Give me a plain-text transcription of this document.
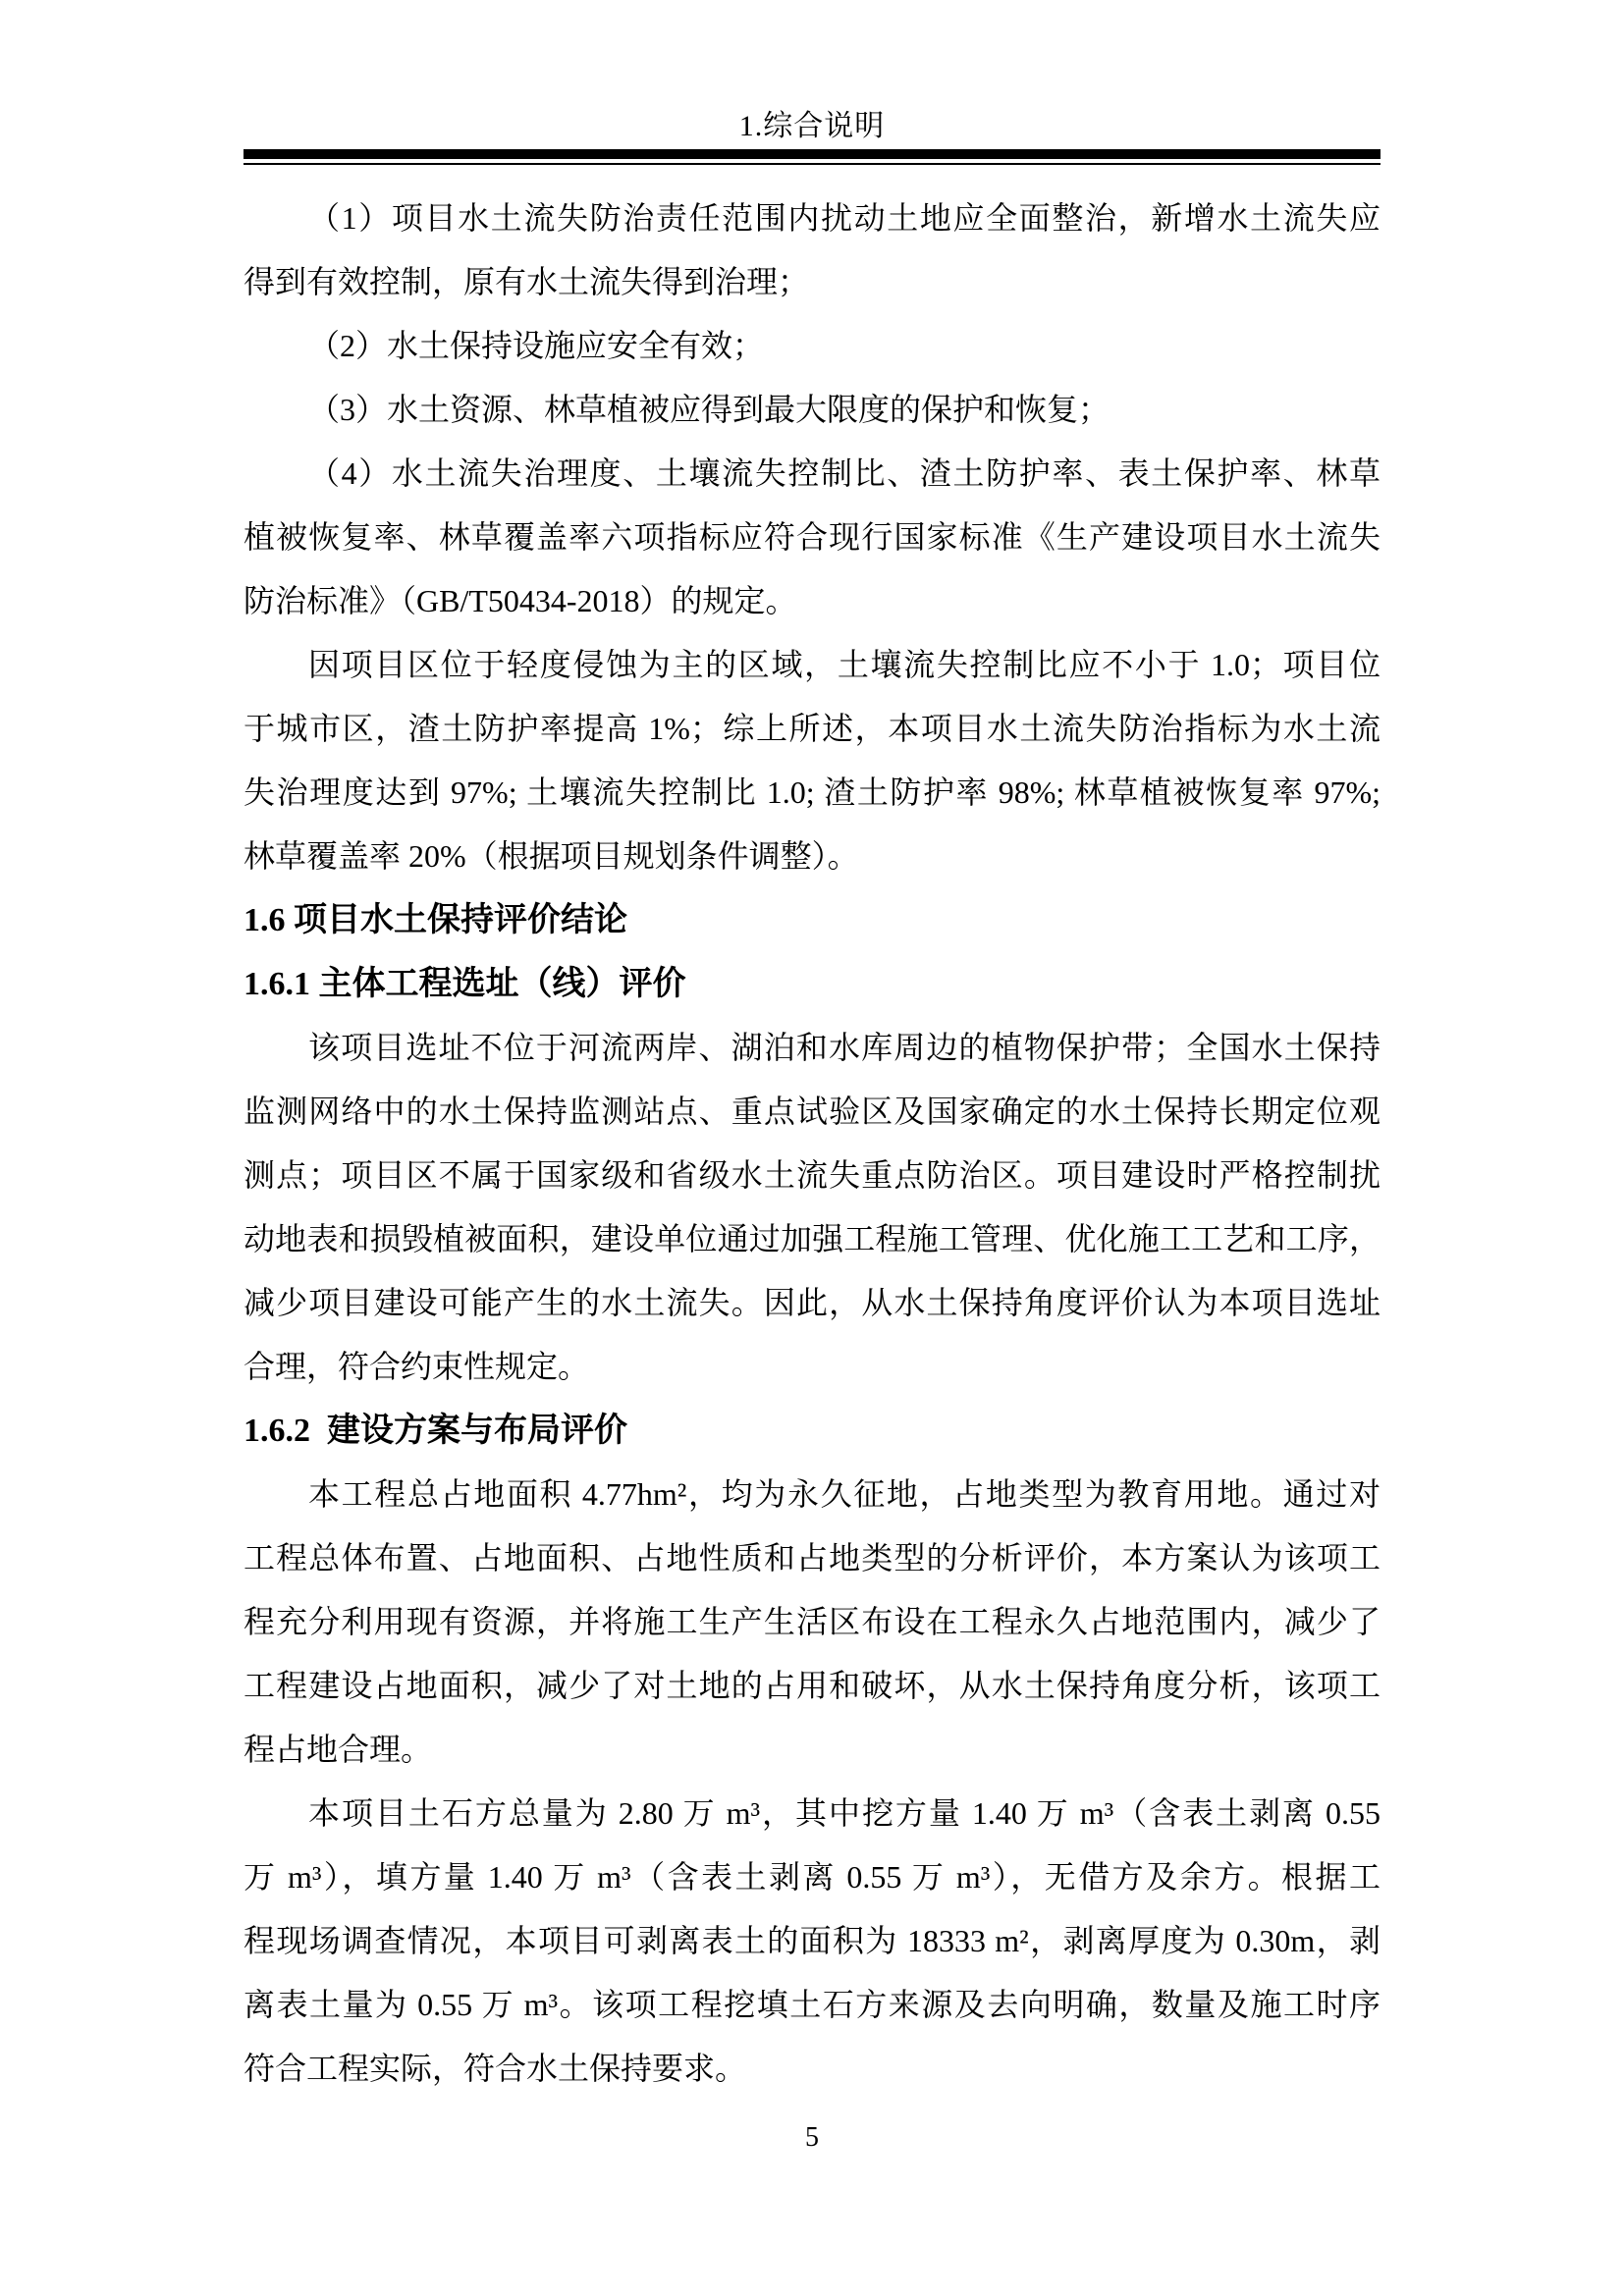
1.综合说明
（1）项目水土流失防治责任范围内扰动土地应全面整治，新增水土流失应
得到有效控制，原有水土流失得到治理；
（2）水土保持设施应安全有效；
（3）水土资源、林草植被应得到最大限度的保护和恢复；
（4）水土流失治理度、土壤流失控制比、渣土防护率、表土保护率、林草
植被恢复率、林草覆盖率六项指标应符合现行国家标准《生产建设项目水土流失
防治标准》（GB/T50434-2018）的规定。
因项目区位于轻度侵蚀为主的区域，土壤流失控制比应不小于 1.0；项目位
于城市区，渣土防护率提高 1%；综上所述，本项目水土流失防治指标为水土流
失治理度达到 97%; 土壤流失控制比 1.0; 渣土防护率 98%; 林草植被恢复率 97%;
林草覆盖率 20%（根据项目规划条件调整）。
1.6 项目水土保持评价结论
1.6.1 主体工程选址（线）评价
该项目选址不位于河流两岸、湖泊和水库周边的植物保护带；全国水土保持
监测网络中的水土保持监测站点、重点试验区及国家确定的水土保持长期定位观
测点；项目区不属于国家级和省级水土流失重点防治区。项目建设时严格控制扰
动地表和损毁植被面积，建设单位通过加强工程施工管理、优化施工工艺和工序，
减少项目建设可能产生的水土流失。因此，从水土保持角度评价认为本项目选址
合理，符合约束性规定。
1.6.2  建设方案与布局评价
本工程总占地面积 4.77hm²，均为永久征地，占地类型为教育用地。通过对
工程总体布置、占地面积、占地性质和占地类型的分析评价，本方案认为该项工
程充分利用现有资源，并将施工生产生活区布设在工程永久占地范围内，减少了
工程建设占地面积，减少了对土地的占用和破坏，从水土保持角度分析，该项工
程占地合理。
本项目土石方总量为 2.80 万 m³，其中挖方量 1.40 万 m³（含表土剥离 0.55
万 m³），填方量 1.40 万 m³（含表土剥离 0.55 万 m³），无借方及余方。根据工
程现场调查情况，本项目可剥离表土的面积为 18333 m²，剥离厚度为 0.30m，剥
离表土量为 0.55 万 m³。该项工程挖填土石方来源及去向明确，数量及施工时序
符合工程实际，符合水土保持要求。
5
